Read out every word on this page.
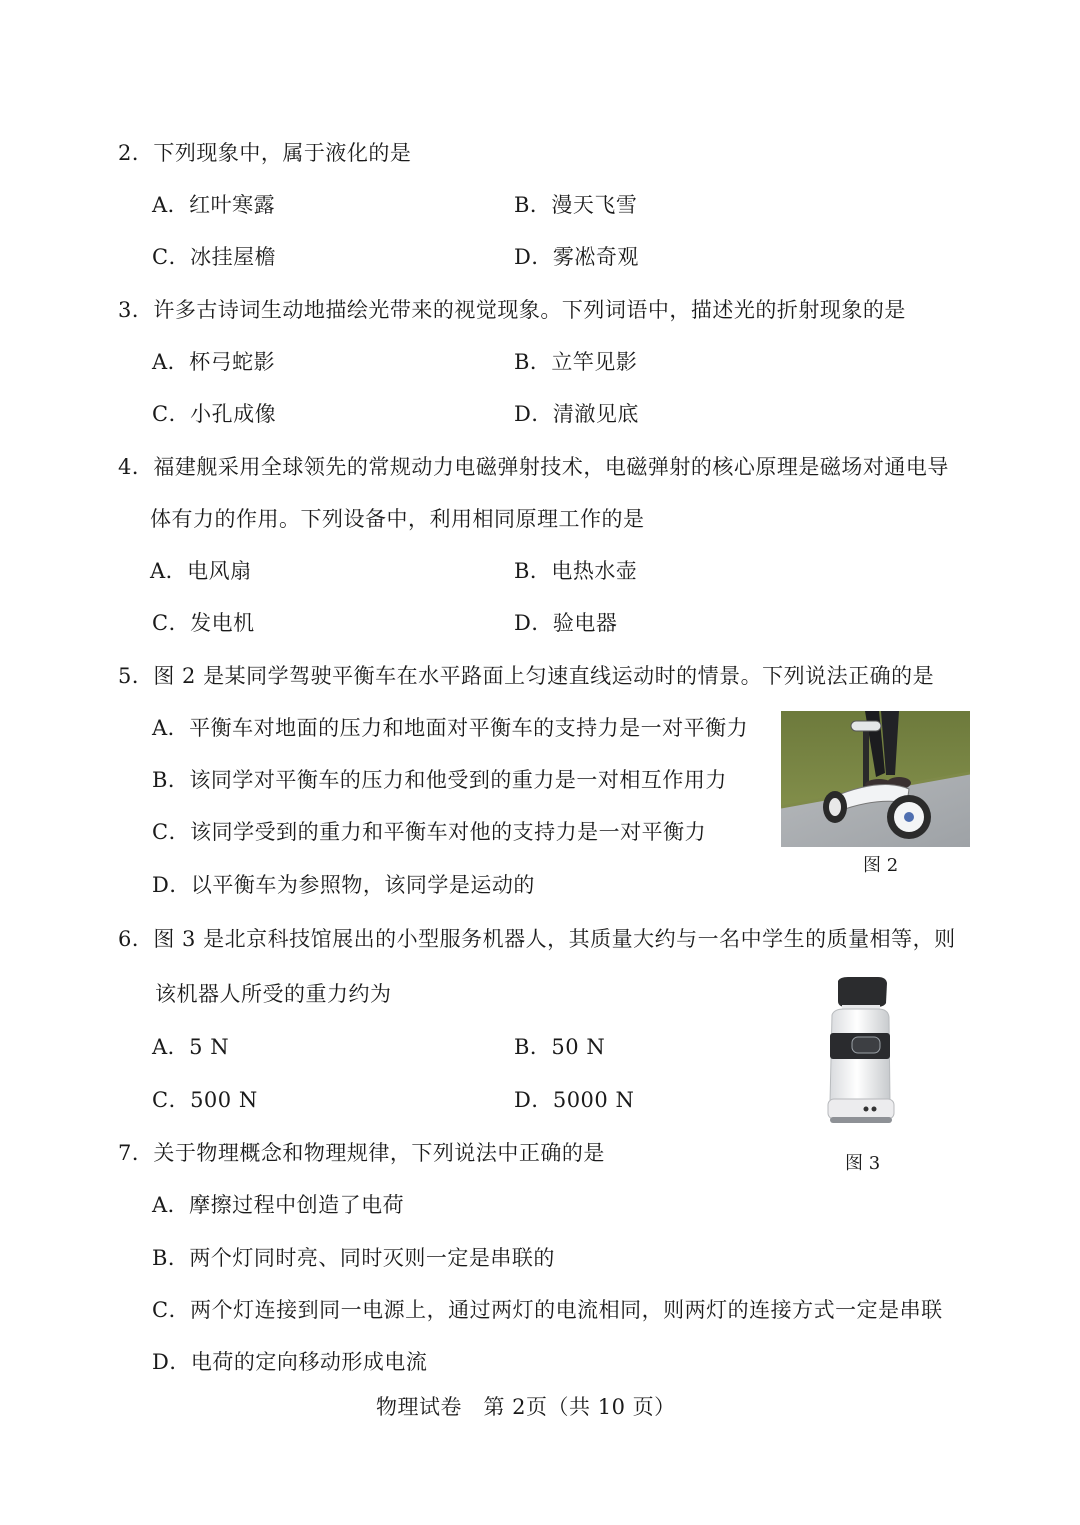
2．下列现象中，属于液化的是
A．红叶寒露	B．漫天飞雪
C．冰挂屋檐	D．雾凇奇观
3．许多古诗词生动地描绘光带来的视觉现象。下列词语中，描述光的折射现象的是
A．杯弓蛇影	B．立竿见影
C．小孔成像	D．清澈见底
4．福建舰采用全球领先的常规动力电磁弹射技术，电磁弹射的核心原理是磁场对通电导
体有力的作用。下列设备中，利用相同原理工作的是
A．电风扇	B．电热水壶
C．发电机	D．验电器
5．图 2 是某同学驾驶平衡车在水平路面上匀速直线运动时的情景。下列说法正确的是
A．平衡车对地面的压力和地面对平衡车的支持力是一对平衡力
B．该同学对平衡车的压力和他受到的重力是一对相互作用力
C．该同学受到的重力和平衡车对他的支持力是一对平衡力
D．以平衡车为参照物，该同学是运动的
图 2
6．图 3 是北京科技馆展出的小型服务机器人，其质量大约与一名中学生的质量相等，则
该机器人所受的重力约为
A．5 N	B．50 N
C．500 N	D．5000 N
图 3
7．关于物理概念和物理规律，下列说法中正确的是
A．摩擦过程中创造了电荷
B．两个灯同时亮、同时灭则一定是串联的
C．两个灯连接到同一电源上，通过两灯的电流相同，则两灯的连接方式一定是串联
D．电荷的定向移动形成电流
物理试卷　第 2页（共 10 页）
